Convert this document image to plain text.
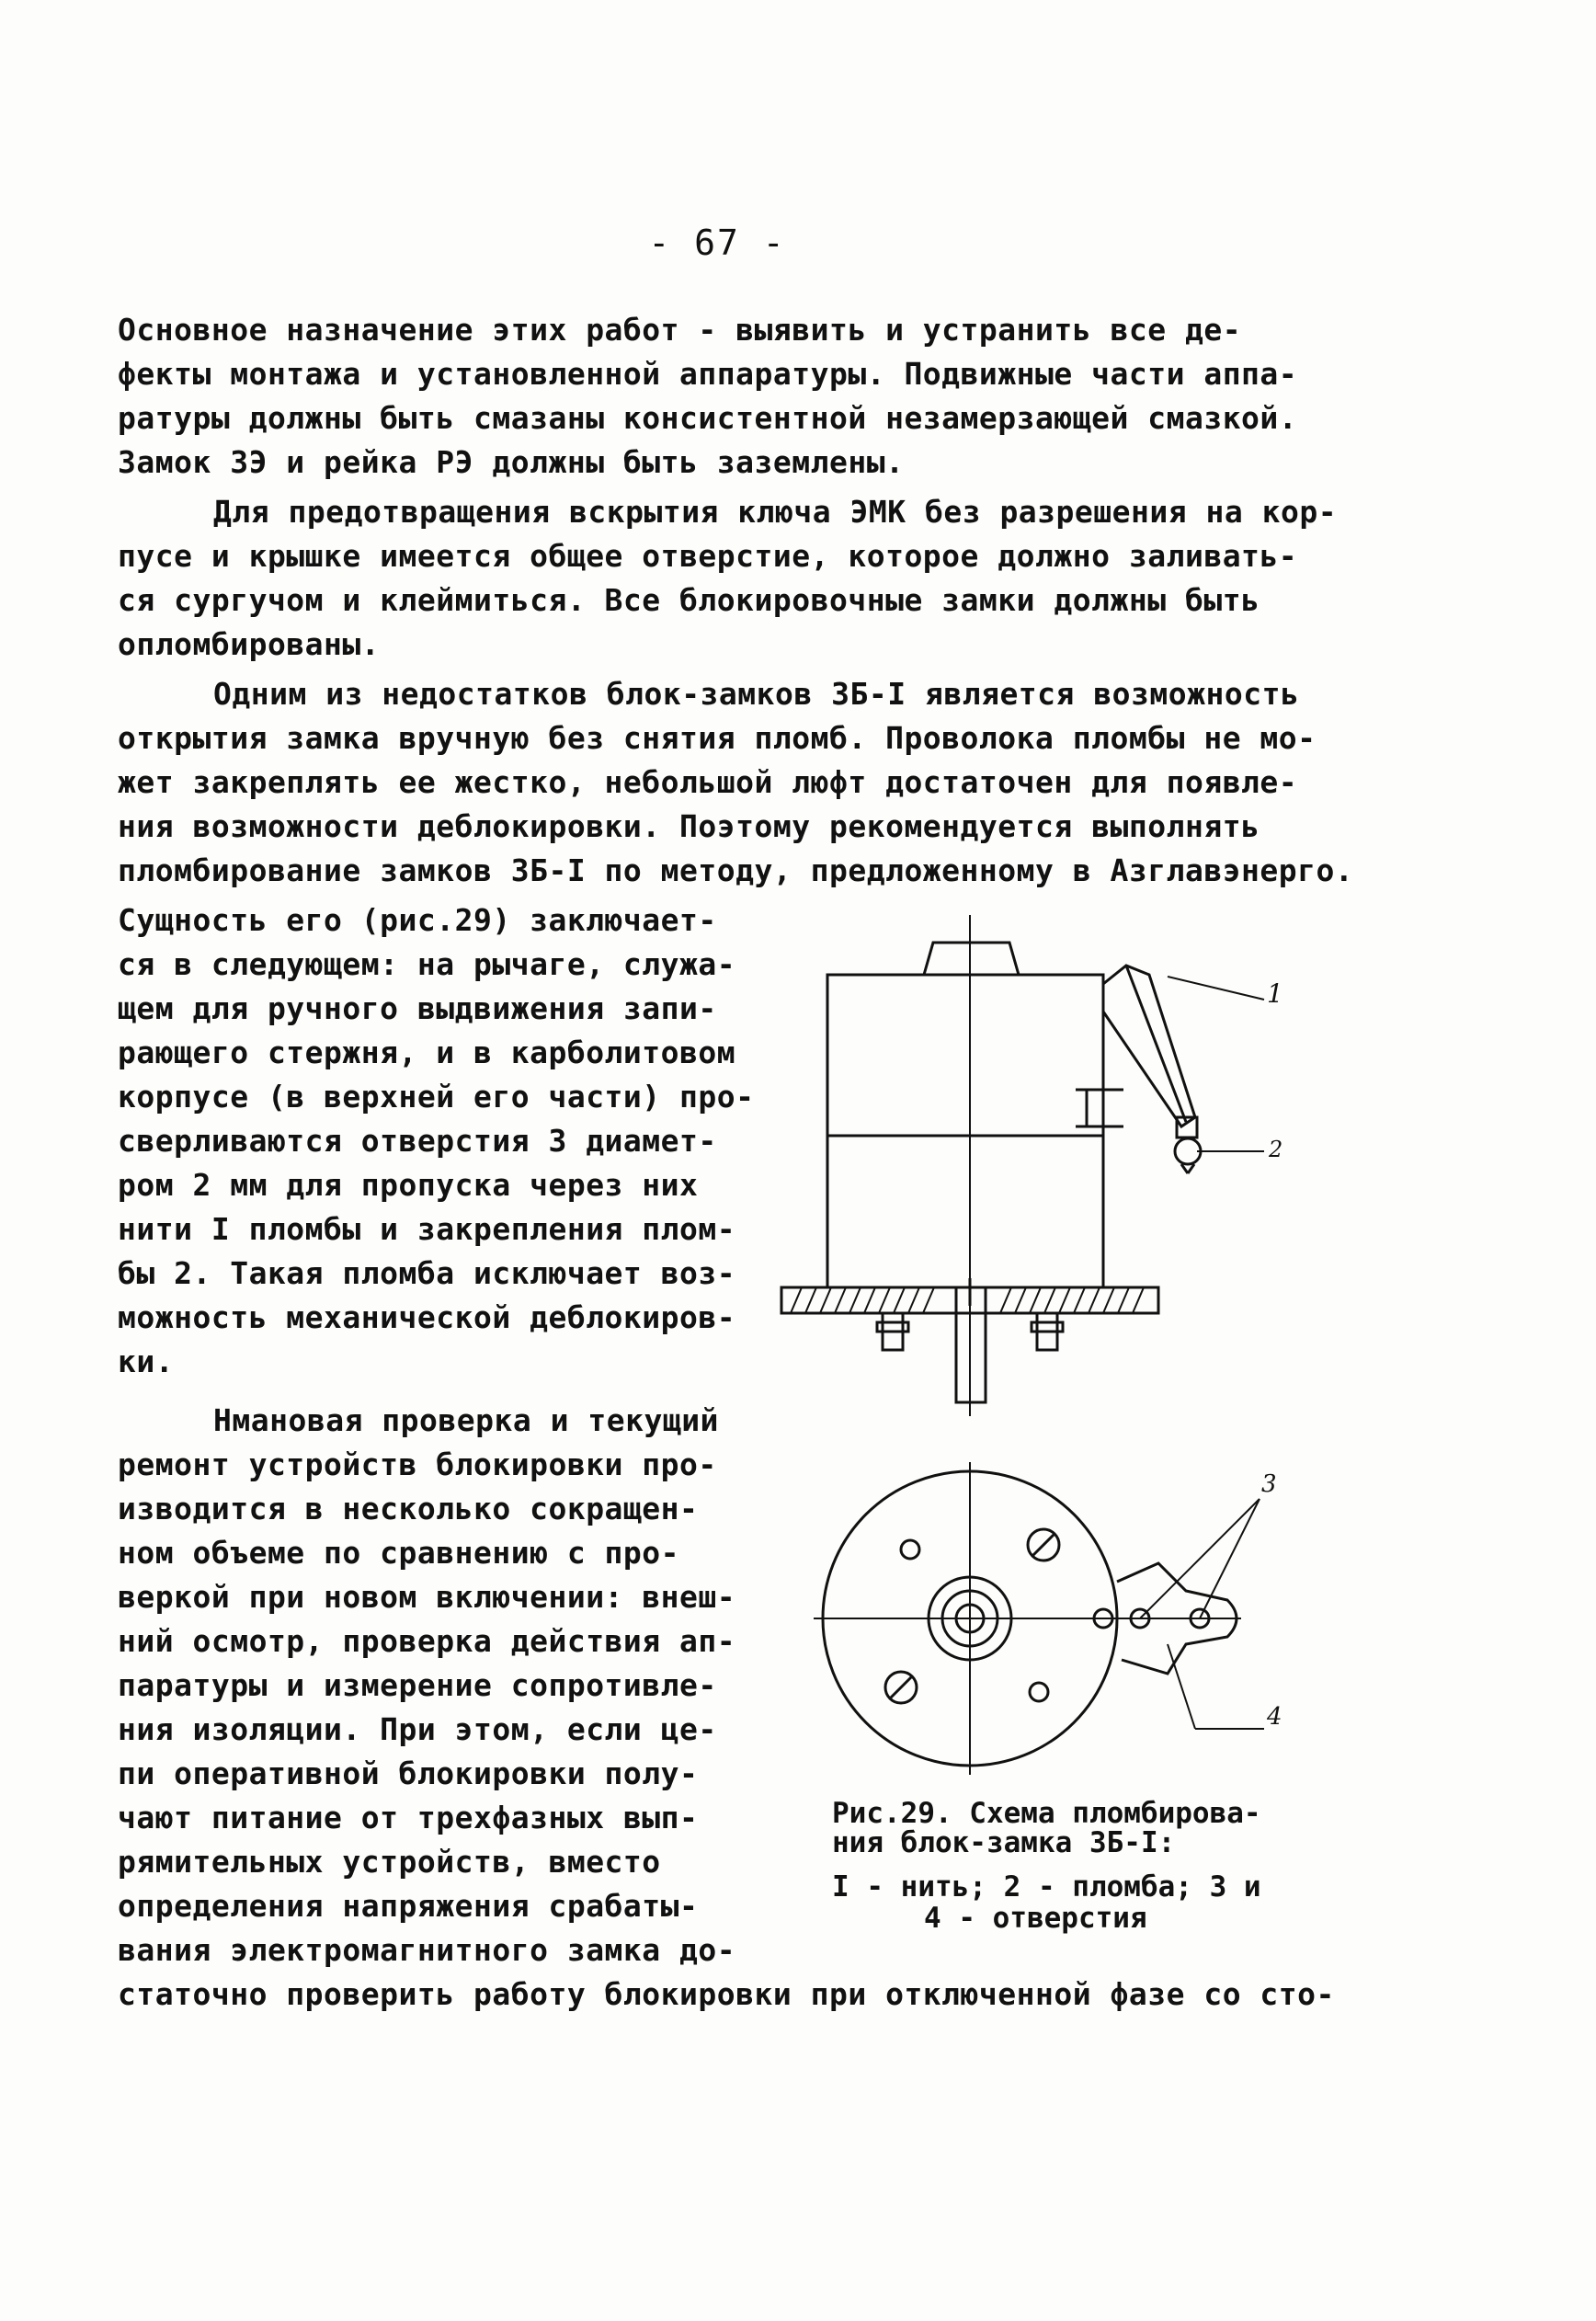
- 67 -
Основное назначение этих работ - выявить и устранить все де-
фекты монтажа и установленной аппаратуры. Подвижные части аппа-
ратуры должны быть смазаны консистентной незамерзающей смазкой.
Замок ЗЭ и рейка РЭ должны быть заземлены.
Для предотвращения вскрытия ключа ЭМК без разрешения на кор-
пусе и крышке имеется общее отверстие, которое должно заливать-
ся сургучом и клеймиться. Все блокировочные замки должны быть
опломбированы.
Одним из недостатков блок-замков ЗБ-I является возможность
открытия замка вручную без снятия пломб. Проволока пломбы не мо-
жет закреплять ее жестко, небольшой люфт достаточен для появле-
ния возможности деблокировки. Поэтому рекомендуется выполнять
пломбирование замков ЗБ-I по методу, предложенному в Азглавэнерго.
Сущность его (рис.29) заключает-
ся в следующем: на рычаге, служа-
щем для ручного выдвижения запи-
рающего стержня, и в карболитовом
корпусе (в верхней его части) про-
сверливаются отверстия 3 диамет-
ром 2 мм для пропуска через них
нити I пломбы и закрепления плом-
бы 2. Такая пломба исключает воз-
можность механической деблокиров-
ки.
Нмановая проверка и текущий
ремонт устройств блокировки про-
изводится в несколько сокращен-
ном объеме по сравнению с про-
веркой при новом включении: внеш-
ний осмотр, проверка действия ап-
паратуры и измерение сопротивле-
ния изоляции. При этом, если це-
пи оперативной блокировки полу-
чают питание от трехфазных вып-
рямительных устройств, вместо
определения напряжения срабаты-
вания электромагнитного замка до-
статочно проверить работу блокировки при отключенной фазе со сто-
1
2
3
4
Рис.29. Схема пломбирова-
ния блок-замка ЗБ-I:
I - нить; 2 - пломба; 3 и
4 - отверстия
